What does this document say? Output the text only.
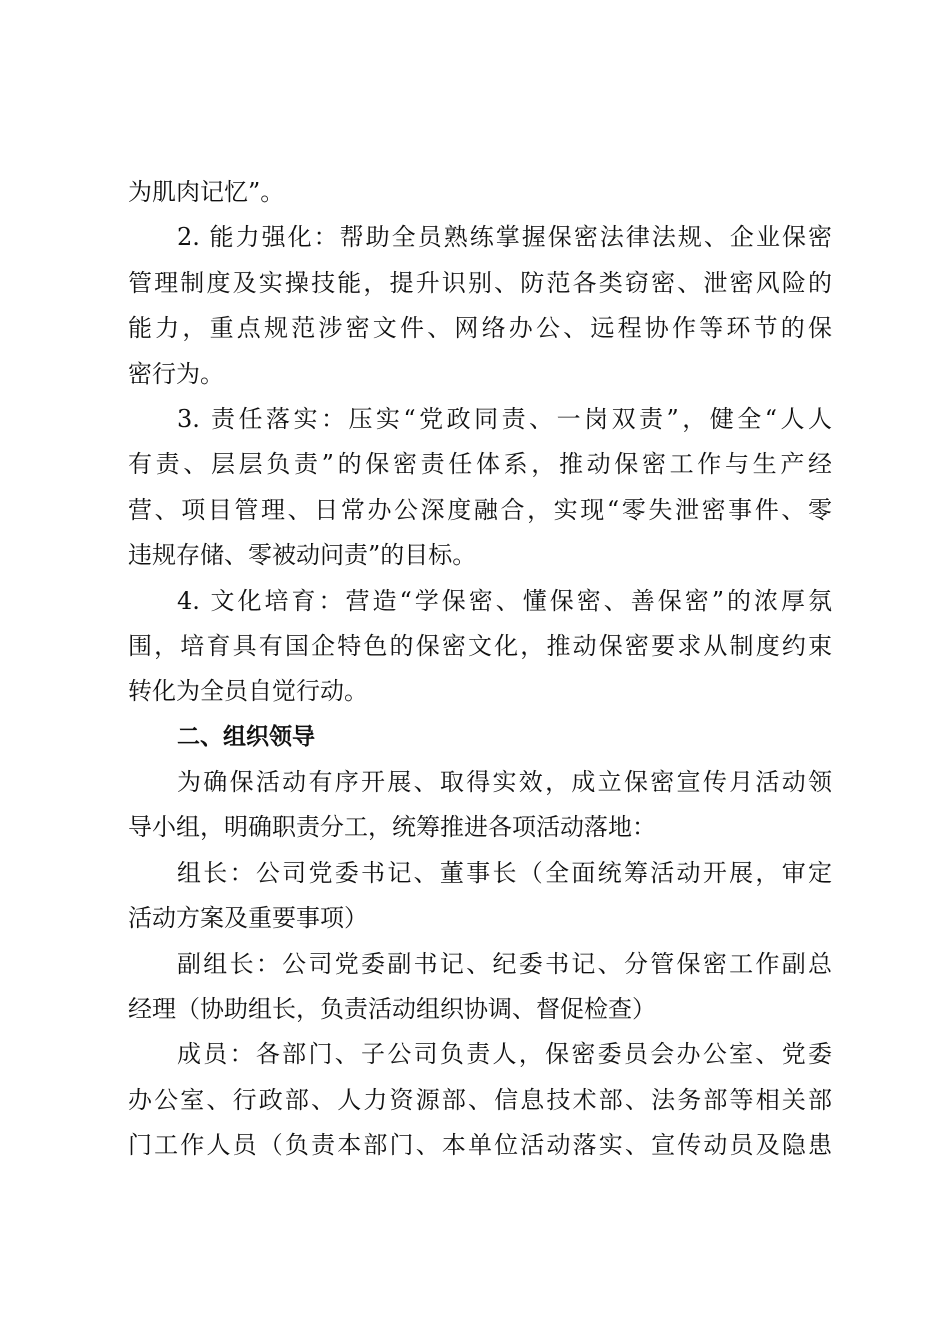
为肌肉记忆”。
2. 能力强化：帮助全员熟练掌握保密法律法规、企业保密
管理制度及实操技能，提升识别、防范各类窃密、泄密风险的
能力，重点规范涉密文件、网络办公、远程协作等环节的保
密行为。
3. 责任落实：压实“党政同责、一岗双责”，健全“人人
有责、层层负责”的保密责任体系，推动保密工作与生产经
营、项目管理、日常办公深度融合，实现“零失泄密事件、零
违规存储、零被动问责”的目标。
4. 文化培育：营造“学保密、懂保密、善保密”的浓厚氛
围，培育具有国企特色的保密文化，推动保密要求从制度约束
转化为全员自觉行动。
二、组织领导
为确保活动有序开展、取得实效，成立保密宣传月活动领
导小组，明确职责分工，统筹推进各项活动落地：
组长：公司党委书记、董事长（全面统筹活动开展，审定
活动方案及重要事项）
副组长：公司党委副书记、纪委书记、分管保密工作副总
经理（协助组长，负责活动组织协调、督促检查）
成员：各部门、子公司负责人，保密委员会办公室、党委
办公室、行政部、人力资源部、信息技术部、法务部等相关部
门工作人员（负责本部门、本单位活动落实、宣传动员及隐患
